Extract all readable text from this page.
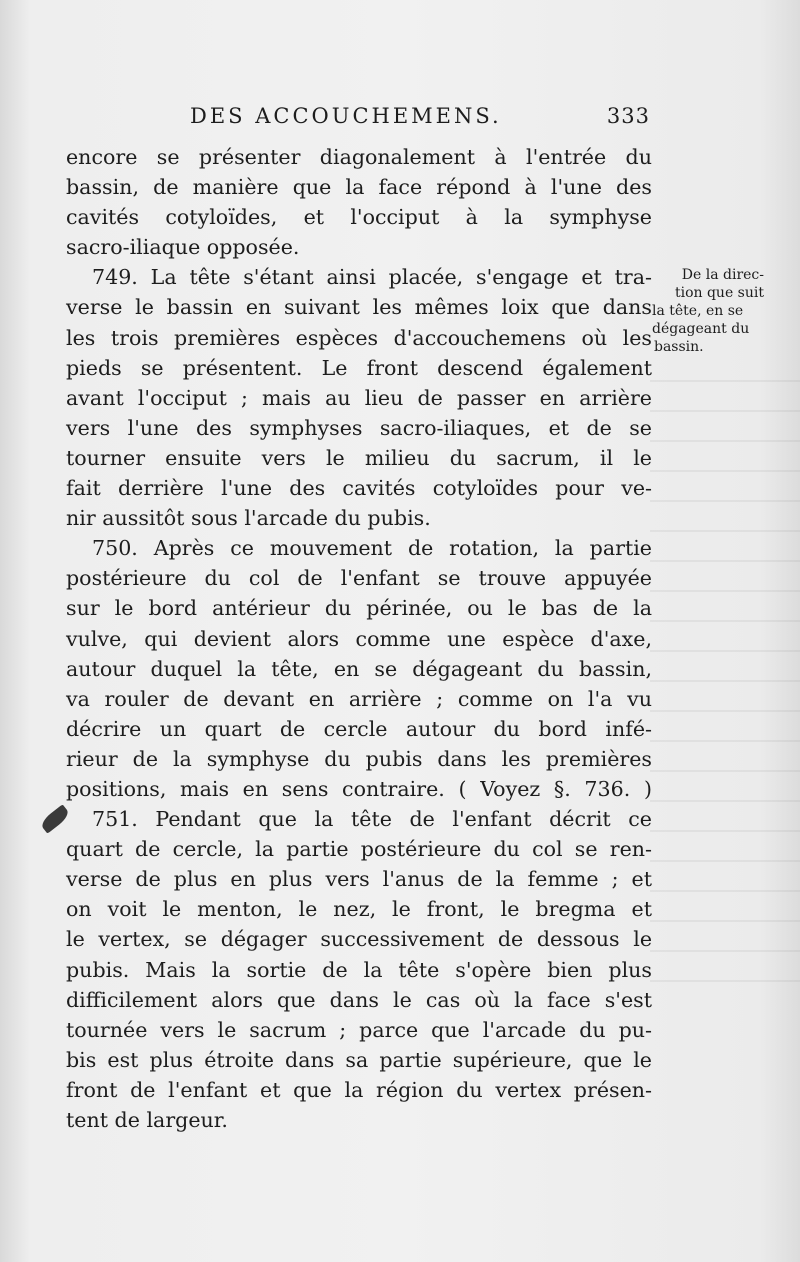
DES ACCOUCHEMENS.	333
encore se présenter diagonalement à l'entrée du
bassin, de manière que la face répond à l'une des
cavités cotyloïdes, et l'occiput à la symphyse
sacro-iliaque opposée.
749. La tête s'étant ainsi placée, s'engage et tra-
verse le bassin en suivant les mêmes loix que dans
les trois premières espèces d'accouchemens où les
pieds se présentent. Le front descend également
avant l'occiput ; mais au lieu de passer en arrière
vers l'une des symphyses sacro-iliaques, et de se
tourner ensuite vers le milieu du sacrum, il le
fait derrière l'une des cavités cotyloïdes pour ve-
nir aussitôt sous l'arcade du pubis.
750. Après ce mouvement de rotation, la partie
postérieure du col de l'enfant se trouve appuyée
sur le bord antérieur du périnée, ou le bas de la
vulve, qui devient alors comme une espèce d'axe,
autour duquel la tête, en se dégageant du bassin,
va rouler de devant en arrière ; comme on l'a vu
décrire un quart de cercle autour du bord infé-
rieur de la symphyse du pubis dans les premières
positions, mais en sens contraire. ( Voyez §. 736. )
751. Pendant que la tête de l'enfant décrit ce
quart de cercle, la partie postérieure du col se ren-
verse de plus en plus vers l'anus de la femme ; et
on voit le menton, le nez, le front, le bregma et
le vertex, se dégager successivement de dessous le
pubis. Mais la sortie de la tête s'opère bien plus
difficilement alors que dans le cas où la face s'est
tournée vers le sacrum ; parce que l'arcade du pu-
bis est plus étroite dans sa partie supérieure, que le
front de l'enfant et que la région du vertex présen-
tent de largeur.
De la direc-
tion que suit
la tête, en se
dégageant du
bassin.
